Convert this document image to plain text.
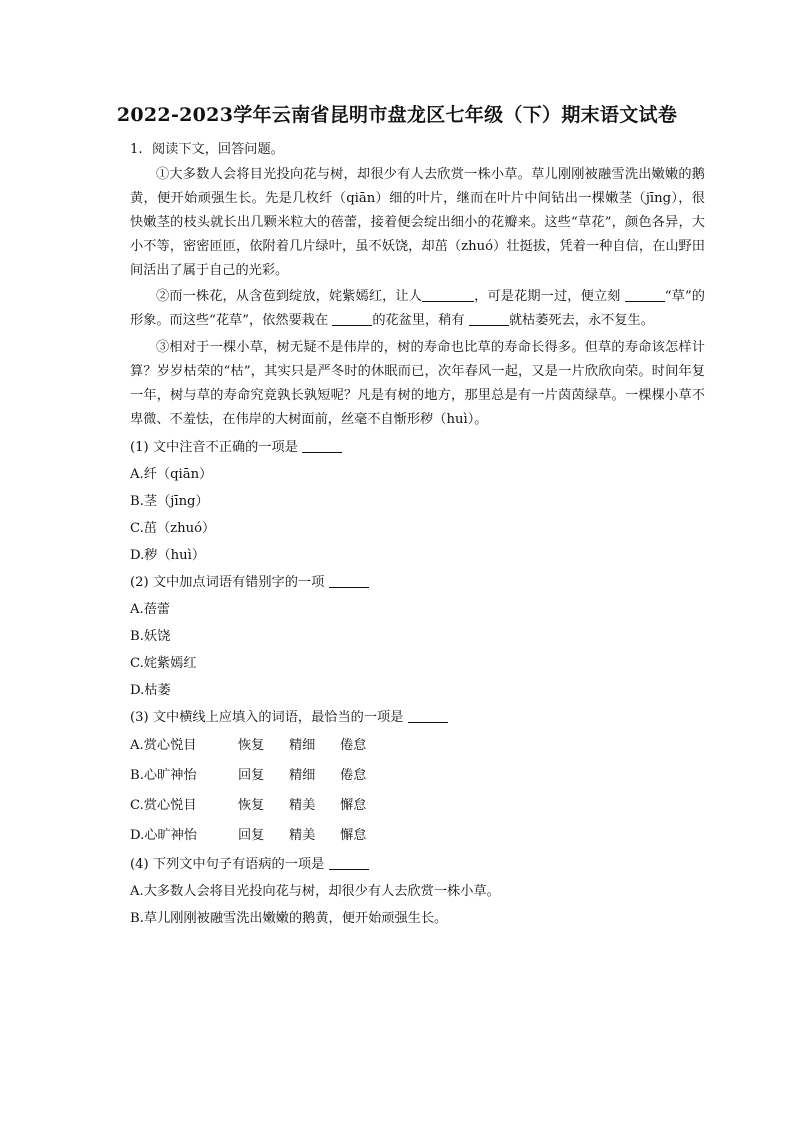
2022-2023学年云南省昆明市盘龙区七年级（下）期末语文试卷
1. 阅读下文，回答问题。

①大多数人会将目光投向花与树，却很少有人去欣赏一株小草。草儿刚刚被融雪洗出嫩嫩的鹅黄，便开始顽强生长。先是几枚纤（qiān）细的叶片，继而在叶片中间钻出一棵嫩茎（jīng），很快嫩茎的枝头就长出几颗米粒大的蓓蕾，接着便会绽出细小的花瓣来。这些“草花”，颜色各异，大小不等，密密匝匝，依附着几片绿叶，虽不妖饶，却茁（zhuó）壮挺拔，凭着一种自信，在山野田间活出了属于自己的光彩。

②而一株花，从含苞到绽放，姹紫嫣红，让人	，可是花期一过，便立刻	“草”的形象。而这些“花草”，依然要栽在	的花盆里，稍有	就枯萎死去，永不复生。

③相对于一棵小草，树无疑不是伟岸的，树的寿命也比草的寿命长得多。但草的寿命该怎样计算？岁岁枯荣的“枯”，其实只是严冬时的休眠而已，次年春风一起，又是一片欣欣向荣。时间年复一年，树与草的寿命究竟孰长孰短呢？凡是有树的地方，那里总是有一片茵茵绿草。一棵棵小草不卑微、不羞怯，在伟岸的大树面前，丝毫不自惭形秽（huì）。

(1) 文中注音不正确的一项是
A.纤（qiān）
B.茎（jīng）
C.茁（zhuó）
D.秽（huì）
(2) 文中加点词语有错别字的一项
A.蓓蕾
B.妖饶
C.姹紫嫣红
D.枯萎
(3) 文中横线上应填入的词语，最恰当的一项是
A.赏心悦目	恢复 精细 倦怠
B.心旷神怡	回复 精细 倦怠
C.赏心悦目	恢复 精美 懈怠
D.心旷神怡	回复 精美 懈怠
(4) 下列文中句子有语病的一项是
A.大多数人会将目光投向花与树，却很少有人去欣赏一株小草。
B.草儿刚刚被融雪洗出嫩嫩的鹅黄，便开始顽强生长。
